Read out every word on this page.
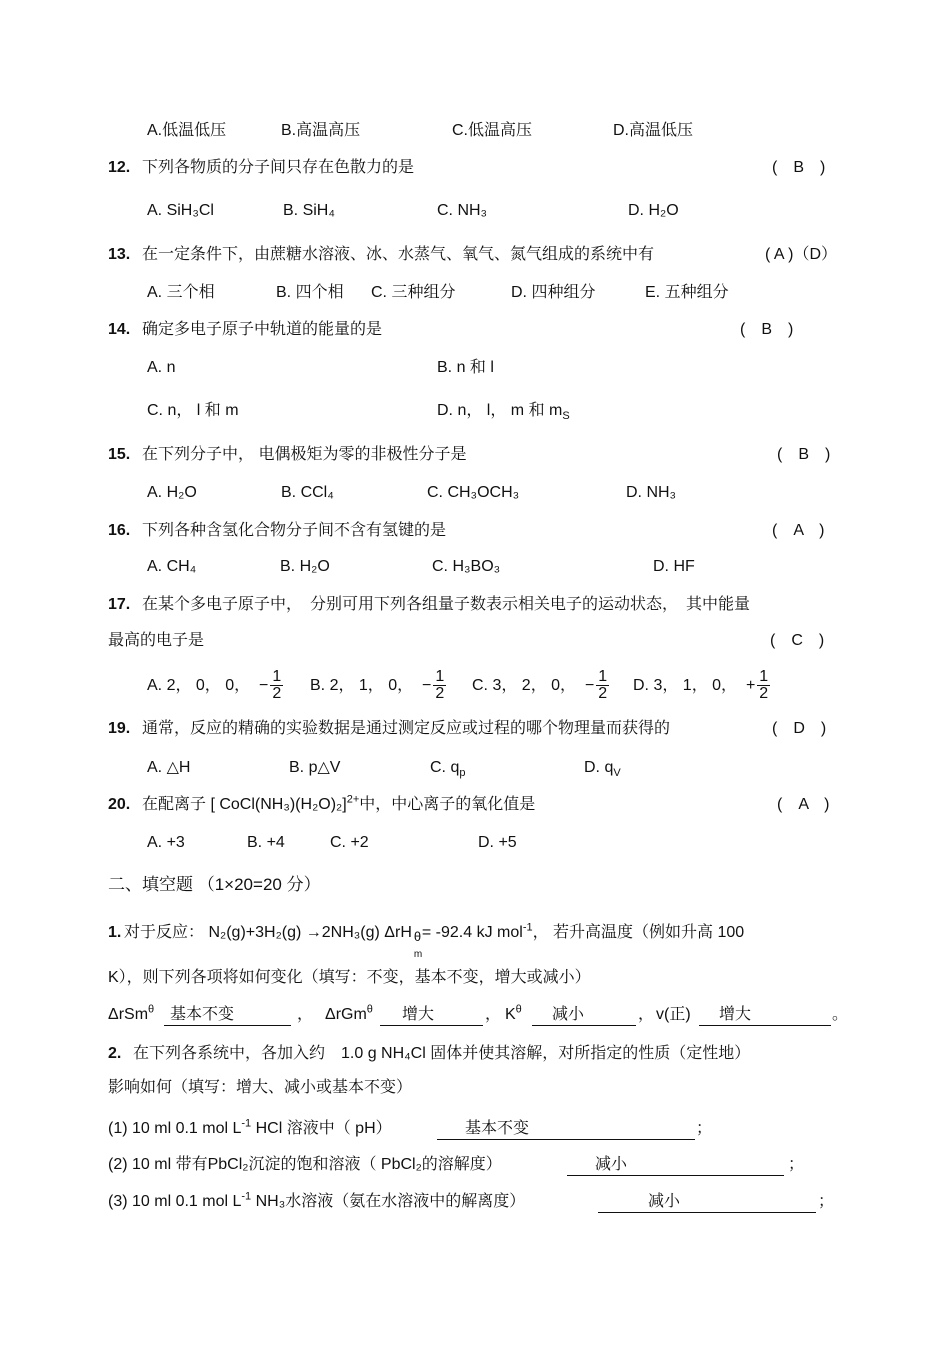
A.低温低压	B.高温高压	C.低温高压	D.高温低压
12. 下列各物质的分子间只存在色散力的是	(　B　)
A. SiH₃Cl	B. SiH₄	C. NH₃	D. H₂O
13. 在一定条件下，由蔗糖水溶液、冰、水蒸气、氧气、氮气组成的系统中有	( A )（D）
A. 三个相	B. 四个相 C. 三种组分	D. 四种组分	E. 五种组分
14. 确定多电子原子中轨道的能量的是	(　B　)
A. n	B. n 和 l
C. n， l 和 m	D. n， l， m 和 $m_S$
15. 在下列分子中， 电偶极矩为零的非极性分子是	(　B　)
A. H₂O	B. CCl₄	C. CH₃OCH₃	D. NH₃
16. 下列各种含氢化合物分子间不含有氢键的是	(　A　)
A. CH₄	B. H₂O	C. H₃BO₃	D. HF
17. 在某个多电子原子中，　分别可用下列各组量子数表示相关电子的运动状态，　其中能量
最高的电子是	(　C　)
A. 2， 0， 0， − $\frac{1}{2} B$. 2， 1， 0， − $\frac{1}{2} C$. 3， 2， 0， − $\frac{1}{2} D$. 3， 1， 0， + $\frac{1}{2}$
19. 通常，反应的精确的实验数据是通过测定反应或过程的哪个物理量而获得的	(　D　)
A. △H	B. p△V	C. $q_p$	D. $q_V$
20. 在配离子 [ CoCl(NH₃)(H₂O)₂]$^{2+}$中，中心离子的氧化值是	(　A　)
A. +3	B. +4	C. +2	D. +5
二、填空题 （1×20=20 分）
1. 对于反应： N₂(g)+3H₂(g) →2NH₃(g) ΔrH θ
m
= -92.4 kJ mol$^{-1}$， 若升高温度（例如升高 100
K），则下列各项将如何变化（填写：不变，基本不变，增大或减小）
ΔrSm$^\theta$ 基本不变	， ΔrGm$^\theta$	增大	， $K^\theta$	减小	， v(正)	增大	。
2. 在下列各系统中，各加入约　1.0 g NH₄Cl 固体并使其溶解，对所指定的性质（定性地）
影响如何（填写：增大、减小或基本不变）
(1) 10 ml 0.1 mol $L^{-1}$ HCl 溶液中（ pH）	基本不变	；
(2) 10 ml 带有PbCl₂沉淀的饱和溶液（ PbCl₂的溶解度）	减小	；
(3) 10 ml 0.1 mol $L^{-1}$ NH₃水溶液（氨在水溶液中的解离度）	减小	；
